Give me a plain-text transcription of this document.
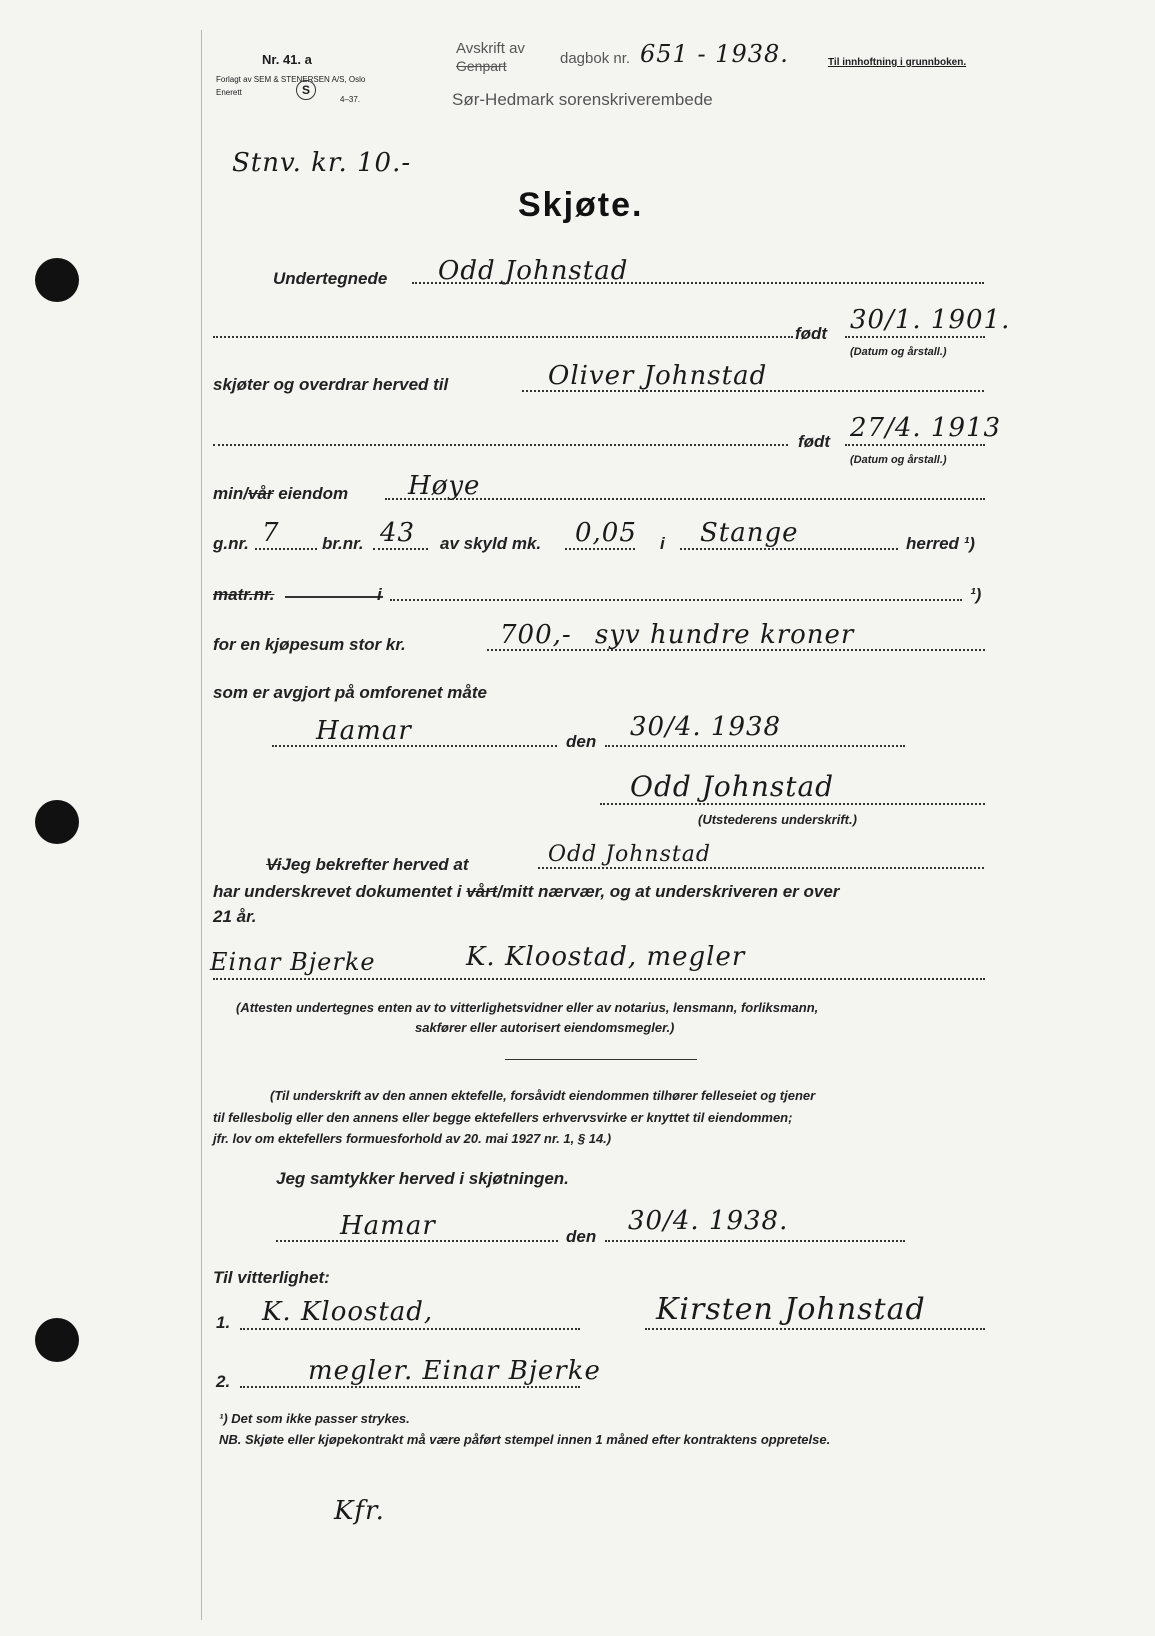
Nr. 41. a
Forlagt av SEM & STENERSEN A/S, Oslo
Enerett	S
4–37.
Avskrift av
Genpart	dagbok nr. 651 - 1938.
Sør-Hedmark sorenskriverembede
Til innhoftning i grunnboken.
Stnv. kr. 10.-
Skjøte.
Undertegnede Odd Johnstad
født 30/1. 1901.
(Datum og årstall.)
skjøter og overdrar herved til	Oliver Johnstad
født 27/4. 1913
(Datum og årstall.)
min/vår eiendom Høye
g.nr. 7 br.nr. 43 av skyld mk. 0,05 i Stange	herred ¹)
matr.nr.	i	¹)
for en kjøpesum stor kr.	700,- syv hundre kroner
som er avgjort på omforenet måte
Hamar	den 30/4. 1938
Odd Johnstad
(Utstederens underskrift.)
ViJeg bekrefter herved at	Odd Johnstad
har underskrevet dokumentet i vårt/mitt nærvær, og at underskriveren er over
21 år.
Einar Bjerke	K. Kloostad, megler
(Attesten undertegnes enten av to vitterlighetsvidner eller av notarius, lensmann, forliksmann,
sakfører eller autorisert eiendomsmegler.)
(Til underskrift av den annen ektefelle, forsåvidt eiendommen tilhører felleseiet og tjener
til fellesbolig eller den annens eller begge ektefellers erhvervsvirke er knyttet til eiendommen;
jfr. lov om ektefellers formuesforhold av 20. mai 1927 nr. 1, § 14.)
Jeg samtykker herved i skjøtningen.
Hamar	den
30/4. 1938.
Til vitterlighet:
1. K. Kloostad,	Kirsten Johnstad
2.	megler. Einar Bjerke
¹) Det som ikke passer strykes.
NB. Skjøte eller kjøpekontrakt må være påført stempel innen 1 måned efter kontraktens oppretelse.
Kfr.
